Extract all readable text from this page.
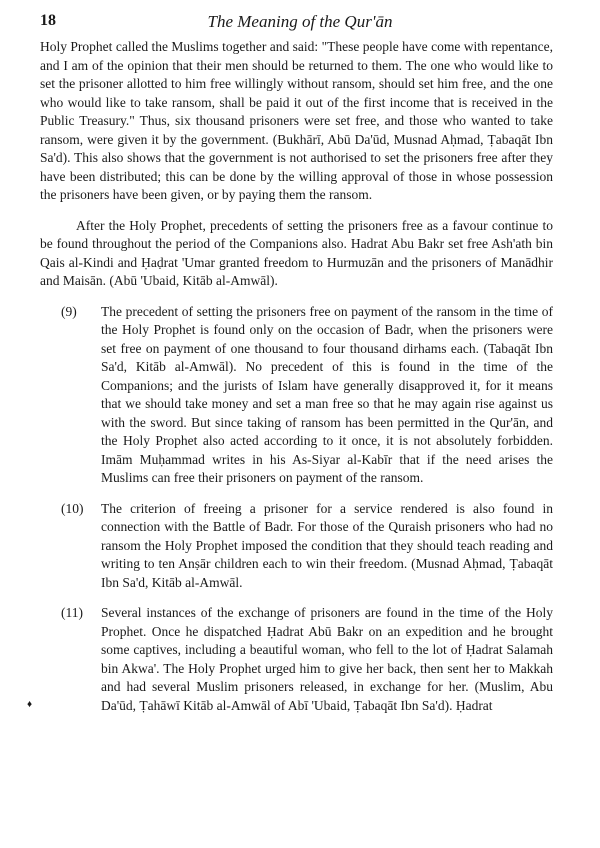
18	The Meaning of the Qur'ān

Holy Prophet called the Muslims together and said: "These people have come with repentance, and I am of the opinion that their men should be returned to them. The one who would like to set the prisoner allotted to him free willingly without ransom, should set him free, and the one who would like to take ransom, shall be paid it out of the first income that is received in the Public Treasury." Thus, six thousand prisoners were set free, and those who wanted to take ransom, were given it by the government. (Bukhārī, Abū Da'ūd, Musnad Aḥmad, Ṭabaqāt Ibn Sa'd). This also shows that the government is not authorised to set the prisoners free after they have been distributed; this can be done by the willing approval of those in whose possession the prisoners have been given, or by paying them the ransom.

After the Holy Prophet, precedents of setting the prisoners free as a favour continue to be found throughout the period of the Companions also. Hadrat Abu Bakr set free Ash'ath bin Qais al-Kindi and Ḥaḍrat 'Umar granted freedom to Hurmuzān and the prisoners of Manādhir and Maisān. (Abū 'Ubaid, Kitāb al-Amwāl).

(9) The precedent of setting the prisoners free on payment of the ransom in the time of the Holy Prophet is found only on the occasion of Badr, when the prisoners were set free on payment of one thousand to four thousand dirhams each. (Tabaqāt Ibn Sa'd, Kitāb al-Amwāl). No precedent of this is found in the time of the Companions; and the jurists of Islam have generally disapproved it, for it means that we should take money and set a man free so that he may again rise against us with the sword. But since taking of ransom has been permitted in the Qur'ān, and the Holy Prophet also acted according to it once, it is not absolutely forbidden. Imām Muḥammad writes in his As-Siyar al-Kabīr that if the need arises the Muslims can free their prisoners on payment of the ransom.

(10) The criterion of freeing a prisoner for a service rendered is also found in connection with the Battle of Badr. For those of the Quraish prisoners who had no ransom the Holy Prophet imposed the condition that they should teach reading and writing to ten Anṣār children each to win their freedom. (Musnad Aḥmad, Ṭabaqāt Ibn Sa'd, Kitāb al-Amwāl.

(11) Several instances of the exchange of prisoners are found in the time of the Holy Prophet. Once he dispatched Ḥadrat Abū Bakr on an expedition and he brought some captives, including a beautiful woman, who fell to the lot of Ḥadrat Salamah bin Akwa'. The Holy Prophet urged him to give her back, then sent her to Makkah and had several Muslim prisoners released, in exchange for her. (Muslim, Abu Da'ūd, Ṭahāwī Kitāb al-Amwāl of Abī 'Ubaid, Ṭabaqāt Ibn Sa'd). Ḥadrat

♦
